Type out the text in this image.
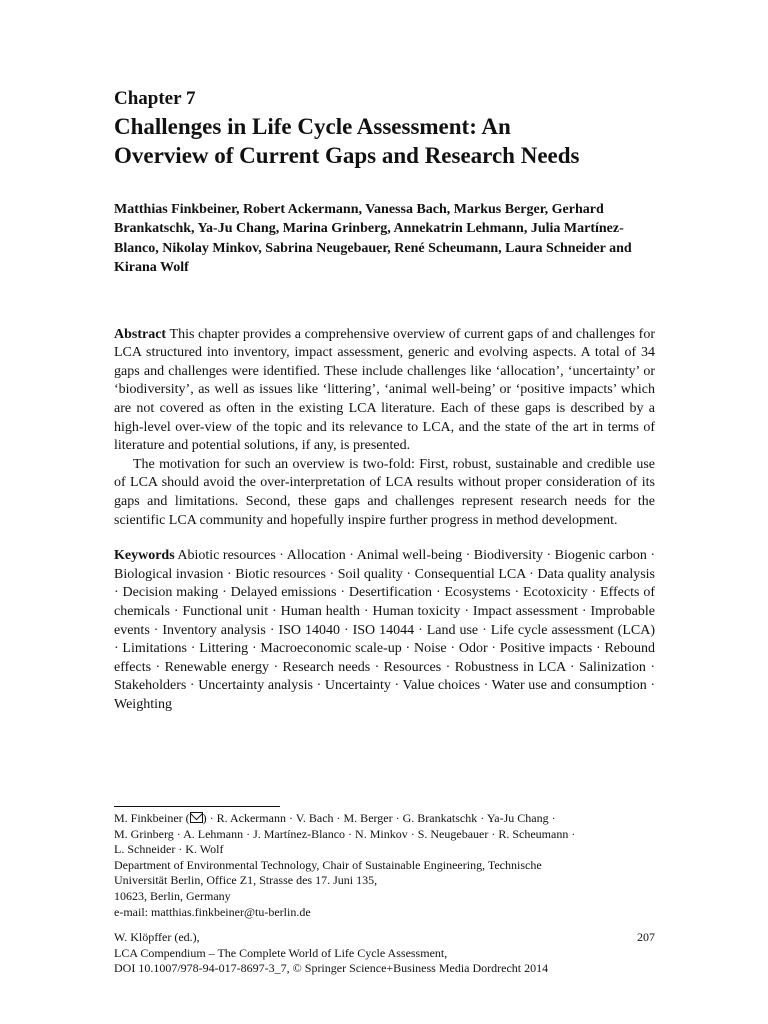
Chapter 7
Challenges in Life Cycle Assessment: An
Overview of Current Gaps and Research Needs
Matthias Finkbeiner, Robert Ackermann, Vanessa Bach, Markus Berger, Gerhard Brankatschk, Ya-Ju Chang, Marina Grinberg, Annekatrin Lehmann, Julia Martínez-Blanco, Nikolay Minkov, Sabrina Neugebauer, René Scheumann, Laura Schneider and Kirana Wolf

Abstract This chapter provides a comprehensive overview of current gaps of and challenges for LCA structured into inventory, impact assessment, generic and evolving aspects. A total of 34 gaps and challenges were identified. These include challenges like ‘allocation’, ‘uncertainty’ or ‘biodiversity’, as well as issues like ‘littering’, ‘animal well-being’ or ‘positive impacts’ which are not covered as often in the existing LCA literature. Each of these gaps is described by a high-level over-view of the topic and its relevance to LCA, and the state of the art in terms of literature and potential solutions, if any, is presented.

The motivation for such an overview is two-fold: First, robust, sustainable and credible use of LCA should avoid the over-interpretation of LCA results without proper consideration of its gaps and limitations. Second, these gaps and challenges represent research needs for the scientific LCA community and hopefully inspire further progress in method development.

Keywords Abiotic resources · Allocation · Animal well-being · Biodiversity · Biogenic carbon · Biological invasion · Biotic resources · Soil quality · Consequential LCA · Data quality analysis · Decision making · Delayed emissions · Desertification · Ecosystems · Ecotoxicity · Effects of chemicals · Functional unit · Human health · Human toxicity · Impact assessment · Improbable events · Inventory analysis · ISO 14040 · ISO 14044 · Land use · Life cycle assessment (LCA) · Limitations · Littering · Macroeconomic scale-up · Noise · Odor · Positive impacts · Rebound effects · Renewable energy · Research needs · Resources · Robustness in LCA · Salinization · Stakeholders · Uncertainty analysis · Uncertainty · Value choices · Water use and consumption · Weighting

M. Finkbeiner ( ) · R. Ackermann · V. Bach · M. Berger · G. Brankatschk · Ya-Ju Chang ·

M. Grinberg · A. Lehmann · J. Martínez-Blanco · N. Minkov · S. Neugebauer · R. Scheumann ·

L. Schneider · K. Wolf

Department of Environmental Technology, Chair of Sustainable Engineering, Technische

Universität Berlin, Office Z1, Strasse des 17. Juni 135,

10623, Berlin, Germany

e-mail: matthias.finkbeiner@tu-berlin.de

W. Klöpffer (ed.),

LCA Compendium – The Complete World of Life Cycle Assessment,

DOI 10.1007/978-94-017-8697-3_7, © Springer Science+Business Media Dordrecht 2014

207
